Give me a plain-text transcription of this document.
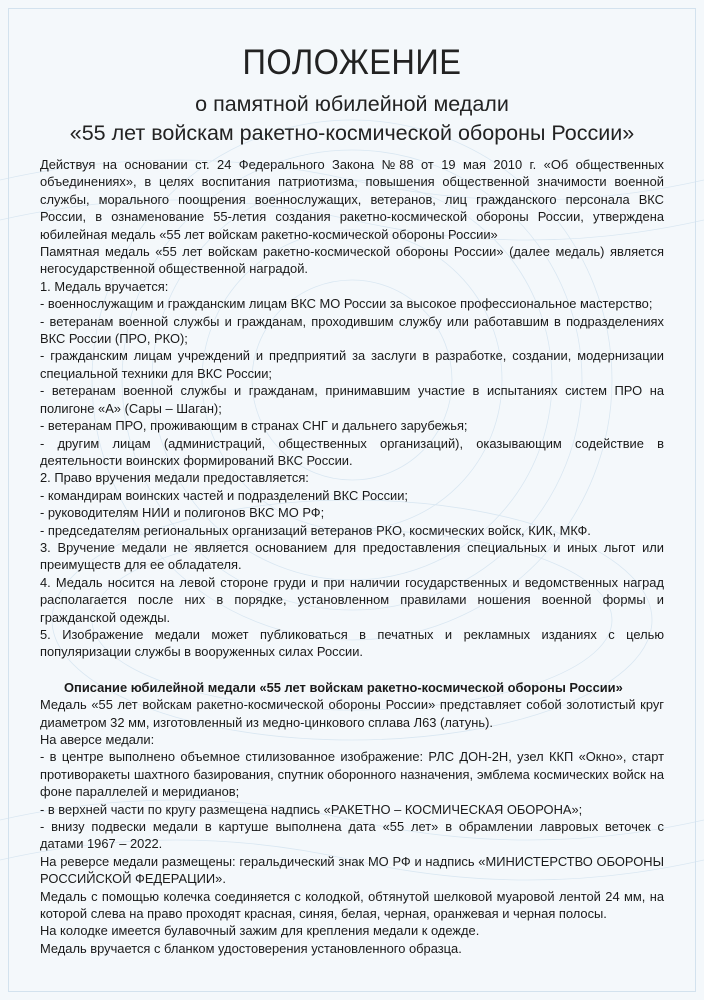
ПОЛОЖЕНИЕ
о памятной юбилейной медали
«55 лет войскам ракетно-космической обороны России»

Действуя на основании ст. 24 Федерального Закона №88 от 19 мая 2010 г. «Об общественных объединениях», в целях воспитания патриотизма, повышения общественной значимости военной службы, морального поощрения военнослужащих, ветеранов, лиц гражданского персонала ВКС России, в ознаменование 55-летия создания ракетно-космической обороны России, утверждена юбилейная медаль «55 лет войскам ракетно-космической обороны России»

Памятная медаль «55 лет войскам ракетно-космической обороны России» (далее медаль) является негосударственной общественной наградой.

1. Медаль вручается:

- военнослужащим и гражданским лицам ВКС МО России за высокое профессиональное мастерство;

- ветеранам военной службы и гражданам, проходившим службу или работавшим в подразделениях ВКС России (ПРО, РКО);

- гражданским лицам учреждений и предприятий за заслуги в разработке, создании, модернизации специальной техники для ВКС России;

- ветеранам военной службы и гражданам, принимавшим участие в испытаниях систем ПРО на полигоне «А» (Сары – Шаган);

- ветеранам ПРО, проживающим в странах СНГ и дальнего зарубежья;

- другим лицам (администраций, общественных организаций), оказывающим содействие в деятельности воинских формирований ВКС России.

2. Право вручения медали предоставляется:

- командирам воинских частей и подразделений ВКС России;

- руководителям НИИ и полигонов ВКС МО РФ;

- председателям региональных организаций ветеранов РКО, космических войск, КИК, МКФ.

3. Вручение медали не является основанием для предоставления специальных и иных льгот или преимуществ для ее обладателя.

4. Медаль носится на левой стороне груди и при наличии государственных и ведомственных наград располагается после них в порядке, установленном правилами ношения военной формы и гражданской одежды.

5. Изображение медали может публиковаться в печатных и рекламных изданиях с целью популяризации службы в вооруженных силах России.

Описание юбилейной медали «55 лет войскам ракетно-космической обороны России»

Медаль «55 лет войскам ракетно-космической обороны России» представляет собой золотистый круг диаметром 32 мм, изготовленный из медно-цинкового сплава Л63 (латунь).

На аверсе медали:

- в центре выполнено объемное стилизованное изображение: РЛС ДОН-2Н, узел ККП «Окно», старт противоракеты шахтного базирования, спутник оборонного назначения, эмблема космических войск на фоне параллелей и меридианов;

- в верхней части по кругу размещена надпись «РАКЕТНО – КОСМИЧЕСКАЯ ОБОРОНА»;

- внизу подвески медали в картуше выполнена дата «55 лет» в обрамлении лавровых веточек с датами 1967 – 2022.

На реверсе медали размещены: геральдический знак МО РФ и надпись «МИНИСТЕРСТВО ОБОРОНЫ РОССИЙСКОЙ ФЕДЕРАЦИИ».

Медаль с помощью колечка соединяется с колодкой, обтянутой шелковой муаровой лентой 24 мм, на которой слева на право проходят красная, синяя, белая, черная, оранжевая и черная полосы.

На колодке имеется булавочный зажим для крепления медали к одежде.

Медаль вручается с бланком удостоверения установленного образца.
